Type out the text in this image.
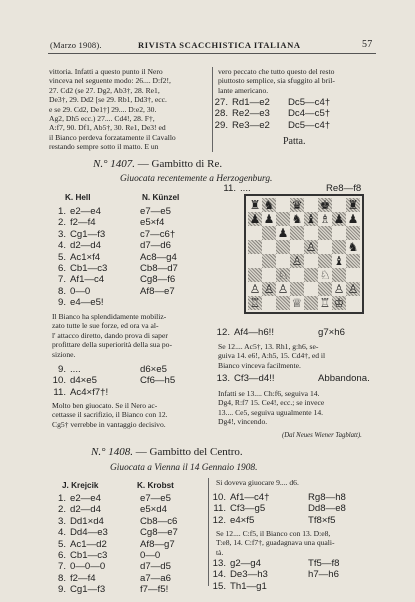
(Marzo 1908).	RIVISTA SCACCHISTICA ITALIANA	57
vittoria. Infatti a questo punto il Nero
vinceva nel seguente modo: 26.... D:f2!,
27. Cd2 (se 27. Dg2, Ab3†, 28. Re1,
De3†, 29. Dd2 [se 29. Rb1, Dd3†, ecc.
e se 29. Cd2, De1†] 29.... D:e2, 30.
Ag2, Dh5 ecc.) 27.... Cd4!, 28. F†,
A:f7, 90. Df1, Ab5†, 30. Re1, De3! ed
il Bianco perdeva forzatamente il Cavallo
restando sempre sotto il matto. E un
vero peccato che tutto questo del resto
piuttosto semplice, sia sfuggito al bril-
lante americano.
27. Rd1—e2 Dc5—c4†
28. Re2—e3 Dc4—c5†
29. Re3—e2 Dc5—c4†
Patta.
N.° 1407. — Gambitto di Re.
Giuocata recentemente a Herzogenburg.
K. Hell	N. Künzel
1. e2—e4	e7—e5
2. f2—f4	e5×f4
3. Cg1—f3	c7—c6†
4. d2—d4	d7—d6
5. Ac1×f4	Ac8—g4
6. Cb1—c3	Cb8—d7
7. Af1—c4	Cg8—f6
8. 0—0	Af8—e7
9. e4—e5!
Il Bianco ha splendidamente mobiliz-
zato tutte le sue forze, ed ora va al-
l' attacco diretto, dando prova di saper
profittare della superiorità della sua po-
sizione.
9. ....	d6×e5
10. d4×e5	Cf6—h5
11. Ac4×f7†!
Molto ben giuocato. Se il Nero ac-
cettasse il sacrifizio, il Bianco con 12.
Cg5† verrebbe in vantaggio decisivo.
11. ....	Re8—f8
♜ ♞ ♛ ♚ ♜
♟ ♟ ♞ ♝ ♗ ♟ ♟
♟
♙	♞
♙	♝
♘	♘
♙ ♙ ♙	♙ ♙
♖	♕ ♖ ♔
12. Af4—h6!!	g7×h6
Se 12.... Ac5†, 13. Rh1, g:h6, se-
guiva 14. e6!, A:h5, 15. Cd4†, ed il
Bianco vinceva facilmente.
13. Cf3—d4!!	Abbandona.
Infatti se 13.... Ch:f6, seguiva 14.
Dg4, R:f7 15. Ce4!, ecc.; se invece
13.... Ce5, seguiva ugualmente 14.
Dg4!, vincendo.
(Dal Neues Wiener Tagblatt).
N.° 1408. — Gambitto del Centro.
Giuocata a Vienna il 14 Gennaio 1908.
J. Krejcik	K. Krobst
1. e2—e4	e7—e5
2. d2—d4	e5×d4
3. Dd1×d4	Cb8—c6
4. Dd4—e3	Cg8—e7
5. Ac1—d2	Af8—g7
6. Cb1—c3	0—0
7. 0—0—0	d7—d5
8. f2—f4	a7—a6
9. Cg1—f3	f7—f5!
Si doveva giuocare 9.... d6.
10. Af1—c4†	Rg8—h8
11. Cf3—g5	Dd8—e8
12. e4×f5	Tf8×f5
Se 12.... C:f5, il Bianco con 13. D:e8,
T:e8, 14. C:f7†, guadagnava una quali-
tà.
13. g2—g4	Tf5—f8
14. De3—h3	h7—h6
15. Th1—g1
